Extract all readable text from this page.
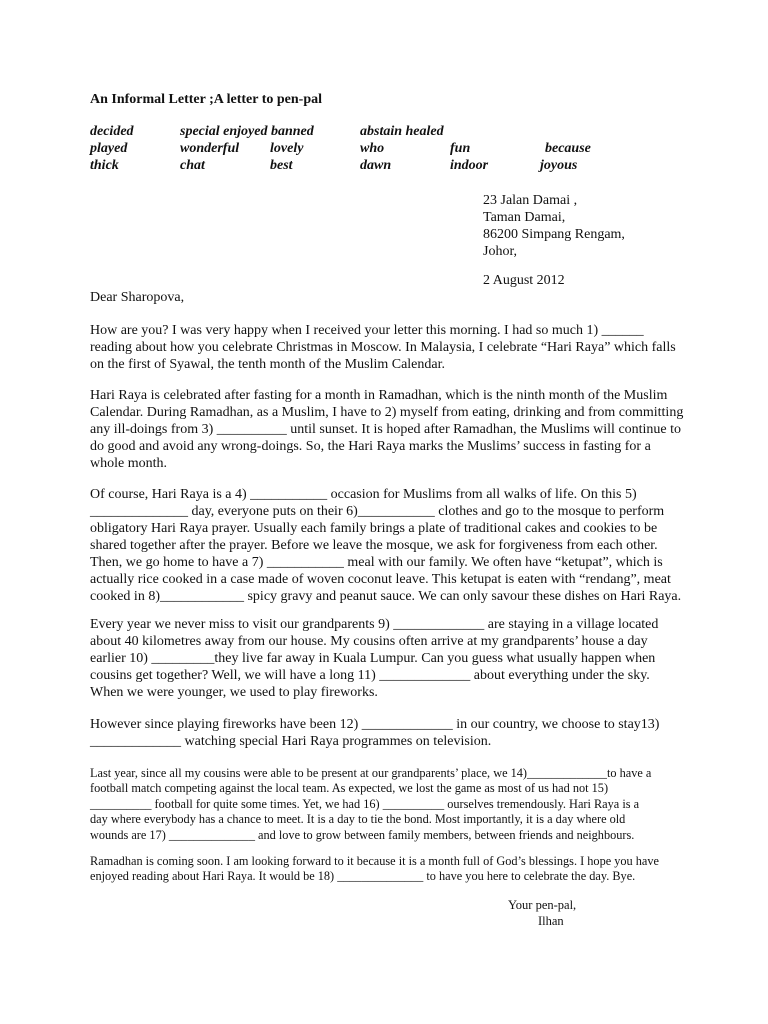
An Informal Letter ;A letter to pen-pal
decided	special enjoyed banned	abstain healed
played	wonderful lovely	who	fun	because
thick	chat	best	dawn	indoor	joyous
23 Jalan Damai ,
Taman Damai,
86200 Simpang Rengam,
Johor,
2 August 2012
Dear Sharopova,
How are you? I was very happy when I received your letter this morning. I had so much 1) ______
reading about how you celebrate Christmas in Moscow. In Malaysia, I celebrate “Hari Raya” which falls
on the first of Syawal, the tenth month of the Muslim Calendar.
Hari Raya is celebrated after fasting for a month in Ramadhan, which is the ninth month of the Muslim
Calendar. During Ramadhan, as a Muslim, I have to 2) myself from eating, drinking and from committing
any ill-doings from 3) __________ until sunset. It is hoped after Ramadhan, the Muslims will continue to
do good and avoid any wrong-doings. So, the Hari Raya marks the Muslims’ success in fasting for a
whole month.
Of course, Hari Raya is a 4) ___________ occasion for Muslims from all walks of life. On this 5)
______________ day, everyone puts on their 6)___________ clothes and go to the mosque to perform
obligatory Hari Raya prayer. Usually each family brings a plate of traditional cakes and cookies to be
shared together after the prayer. Before we leave the mosque, we ask for forgiveness from each other.
Then, we go home to have a 7) ___________ meal with our family. We often have “ketupat”, which is
actually rice cooked in a case made of woven coconut leave. This ketupat is eaten with “rendang”, meat
cooked in 8)____________ spicy gravy and peanut sauce. We can only savour these dishes on Hari Raya.
Every year we never miss to visit our grandparents 9) _____________ are staying in a village located
about 40 kilometres away from our house. My cousins often arrive at my grandparents’ house a day
earlier 10) _________they live far away in Kuala Lumpur. Can you guess what usually happen when
cousins get together? Well, we will have a long 11) _____________ about everything under the sky.
When we were younger, we used to play fireworks.
However since playing fireworks have been 12) _____________ in our country, we choose to stay13)
_____________ watching special Hari Raya programmes on television.
Last year, since all my cousins were able to be present at our grandparents’ place, we 14)_____________to have a
football match competing against the local team. As expected, we lost the game as most of us had not 15)
__________ football for quite some times. Yet, we had 16) __________ ourselves tremendously. Hari Raya is a
day where everybody has a chance to meet. It is a day to tie the bond. Most importantly, it is a day where old
wounds are 17) ______________ and love to grow between family members, between friends and neighbours.
Ramadhan is coming soon. I am looking forward to it because it is a month full of God’s blessings. I hope you have
enjoyed reading about Hari Raya. It would be 18) ______________ to have you here to celebrate the day. Bye.
Your pen-pal,
Ilhan
